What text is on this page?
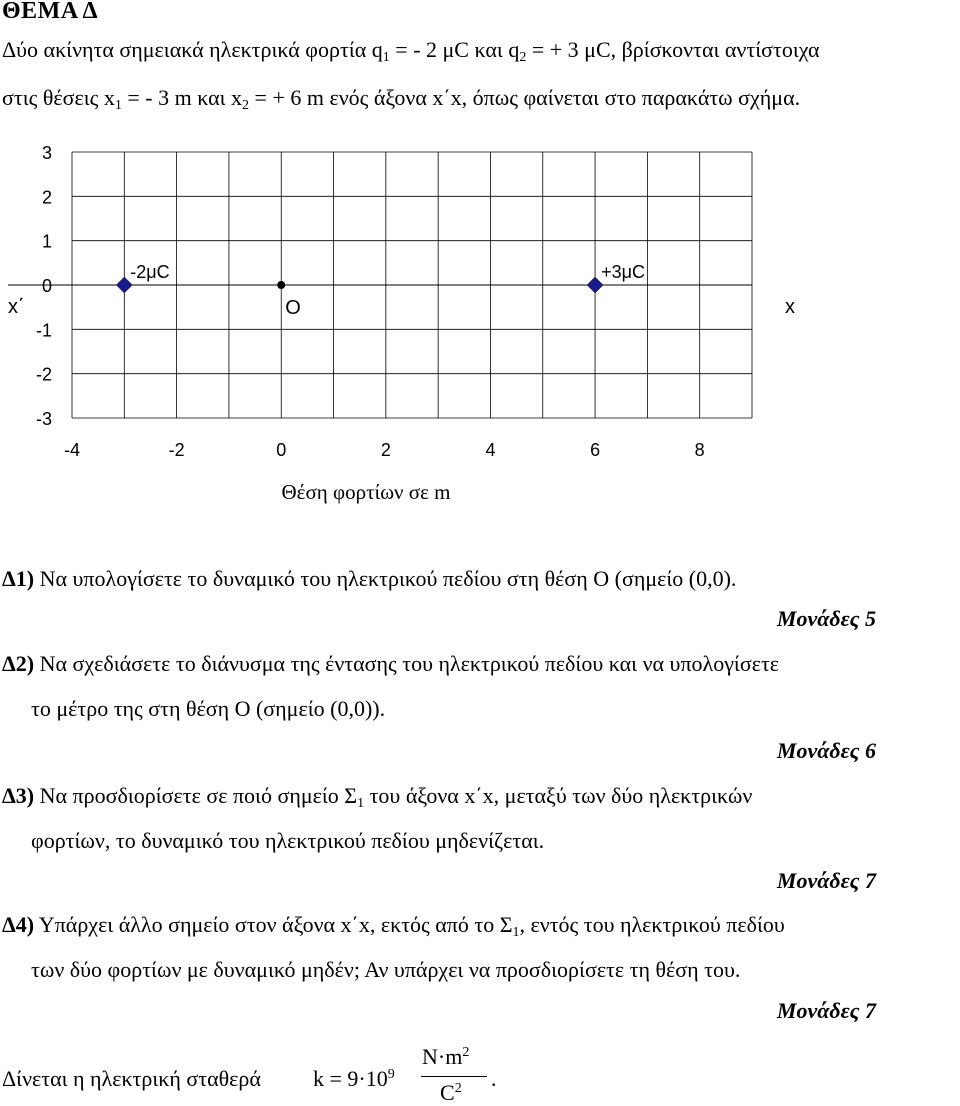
ΘΕΜΑ Δ
Δύο ακίνητα σημειακά ηλεκτρικά φορτία $q_1$ = - 2 μC και $q_2$ = + 3 μC, βρίσκονται αντίστοιχα
στις θέσεις $x_1$ = - 3 m και $x_2$ = + 6 m ενός άξονα x΄x, όπως φαίνεται στο παρακάτω σχήμα.
3
2
1
0
-1
-2
-3
-4	-2	0	2	4	6	8
-2μC	+3μC
O
x΄	x
Θέση φορτίων σε m
Δ1) Να υπολογίσετε το δυναμικό του ηλεκτρικού πεδίου στη θέση Ο (σημείο (0,0).
Μονάδες 5
Δ2) Να σχεδιάσετε το διάνυσμα της έντασης του ηλεκτρικού πεδίου και να υπολογίσετε
το μέτρο της στη θέση Ο (σημείο (0,0)).
Μονάδες 6
Δ3) Να προσδιορίσετε σε ποιό σημείο $\Sigma_1$ του άξονα x΄x, μεταξύ των δύο ηλεκτρικών
φορτίων, το δυναμικό του ηλεκτρικού πεδίου μηδενίζεται.
Μονάδες 7
Δ4) Υπάρχει άλλο σημείο στον άξονα x΄x, εκτός από το $\Sigma_1$, εντός του ηλεκτρικού πεδίου
των δύο φορτίων με δυναμικό μηδέν; Αν υπάρχει να προσδιορίσετε τη θέση του.
Μονάδες 7
Δίνεται η ηλεκτρική σταθερά $k = 9\cdot 10^9$
$N\cdot m^2$
$C^2$ .
